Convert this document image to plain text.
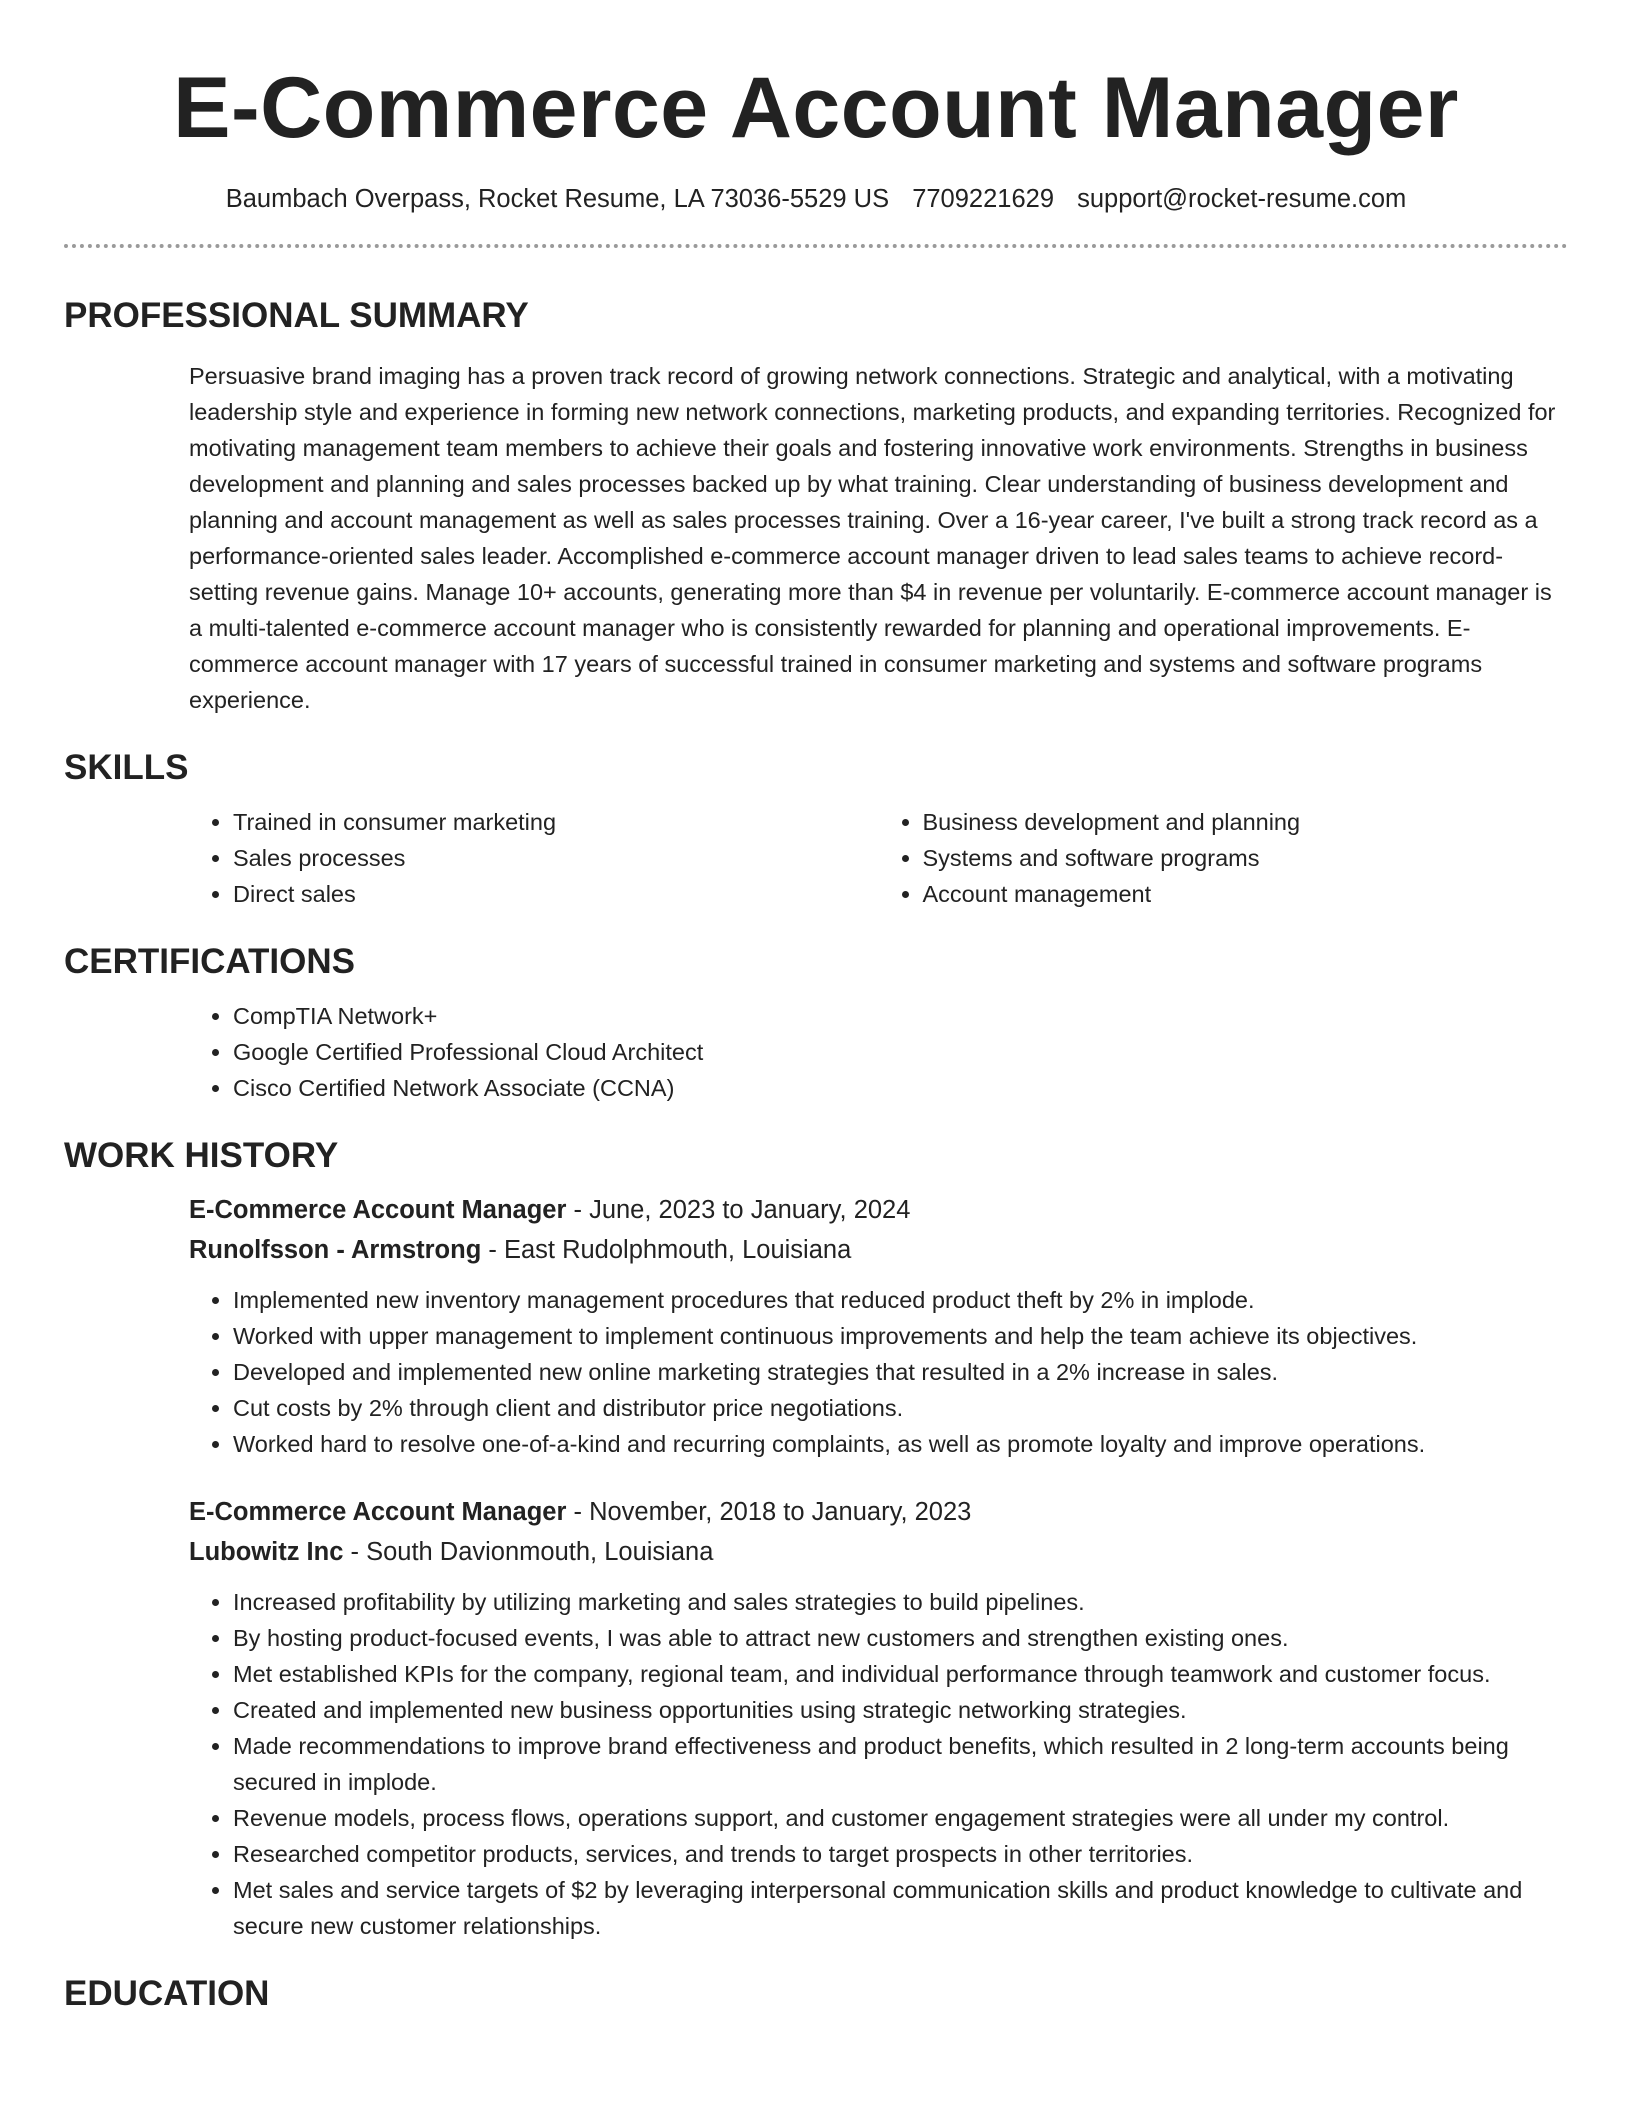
E-Commerce Account Manager
Baumbach Overpass, Rocket Resume, LA 73036-5529 US 7709221629 support@rocket-resume.com
PROFESSIONAL SUMMARY

Persuasive brand imaging has a proven track record of growing network connections. Strategic and analytical, with a motivating leadership style and experience in forming new network connections, marketing products, and expanding territories. Recognized for motivating management team members to achieve their goals and fostering innovative work environments. Strengths in business development and planning and sales processes backed up by what training. Clear understanding of business development and planning and account management as well as sales processes training. Over a 16-year career, I've built a strong track record as a performance-oriented sales leader. Accomplished e-commerce account manager driven to lead sales teams to achieve record-setting revenue gains. Manage 10+ accounts, generating more than $4 in revenue per voluntarily. E-commerce account manager is a multi-talented e-commerce account manager who is consistently rewarded for planning and operational improvements. E-commerce account manager with 17 years of successful trained in consumer marketing and systems and software programs experience.

SKILLS
• Trained in consumer marketing
• Sales processes
• Direct sales
• Business development and planning
• Systems and software programs
• Account management
CERTIFICATIONS
• CompTIA Network+
• Google Certified Professional Cloud Architect
• Cisco Certified Network Associate (CCNA)
WORK HISTORY
E-Commerce Account Manager - June, 2023 to January, 2024
Runolfsson - Armstrong - East Rudolphmouth, Louisiana
• Implemented new inventory management procedures that reduced product theft by 2% in implode.
• Worked with upper management to implement continuous improvements and help the team achieve its objectives.
• Developed and implemented new online marketing strategies that resulted in a 2% increase in sales.
• Cut costs by 2% through client and distributor price negotiations.
• Worked hard to resolve one-of-a-kind and recurring complaints, as well as promote loyalty and improve operations.
E-Commerce Account Manager - November, 2018 to January, 2023
Lubowitz Inc - South Davionmouth, Louisiana
• Increased profitability by utilizing marketing and sales strategies to build pipelines.
• By hosting product-focused events, I was able to attract new customers and strengthen existing ones.
• Met established KPIs for the company, regional team, and individual performance through teamwork and customer focus.
• Created and implemented new business opportunities using strategic networking strategies.
• Made recommendations to improve brand effectiveness and product benefits, which resulted in 2 long-term accounts being secured in implode.
• Revenue models, process flows, operations support, and customer engagement strategies were all under my control.
• Researched competitor products, services, and trends to target prospects in other territories.
• Met sales and service targets of $2 by leveraging interpersonal communication skills and product knowledge to cultivate and secure new customer relationships.
EDUCATION
